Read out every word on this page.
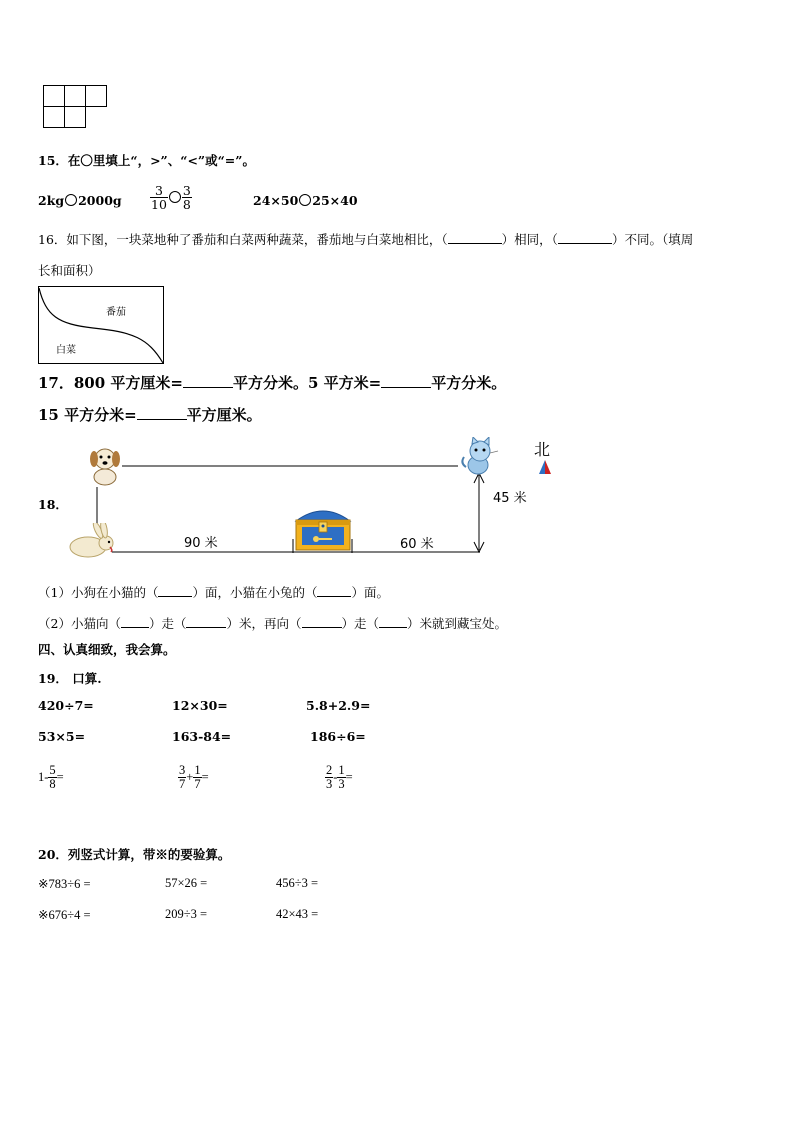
15．在〇里填上“，>”、“<”或“=”。
2kg $2000g \frac{3}{10} \frac{3}{8}$	24×50 25×40
16．如下图，一块菜地种了番茄和白菜两种蔬菜，番茄地与白菜地相比，（	）相同，（	）不同。（填周
长和面积）
番茄
白菜
17．800 平方厘米=	平方分米。5 平方米=	平方分米。
15 平方分米=	平方厘米。
18．
北
45 米
90 米	60 米
（1）小狗在小猫的（	）面，小猫在小兔的（	）面。
（2）小猫向（ ）走（	）米，再向（	）走（ ）米就到藏宝处。
四、认真细致，我会算。
19． 口算.
420÷7=	12×30=	5.8+2.9=
53×5=	163-84=	186÷6=
$1- \frac{5}{8}$ =	$\frac{3}{7} + \frac{1}{7}$ =	$\frac{2}{3} - \frac{1}{3}$ =
20．列竖式计算，带※的要验算。
※783÷6 =	57×26 =	456÷3 =
※676÷4 =	209÷3 =	42×43 =
